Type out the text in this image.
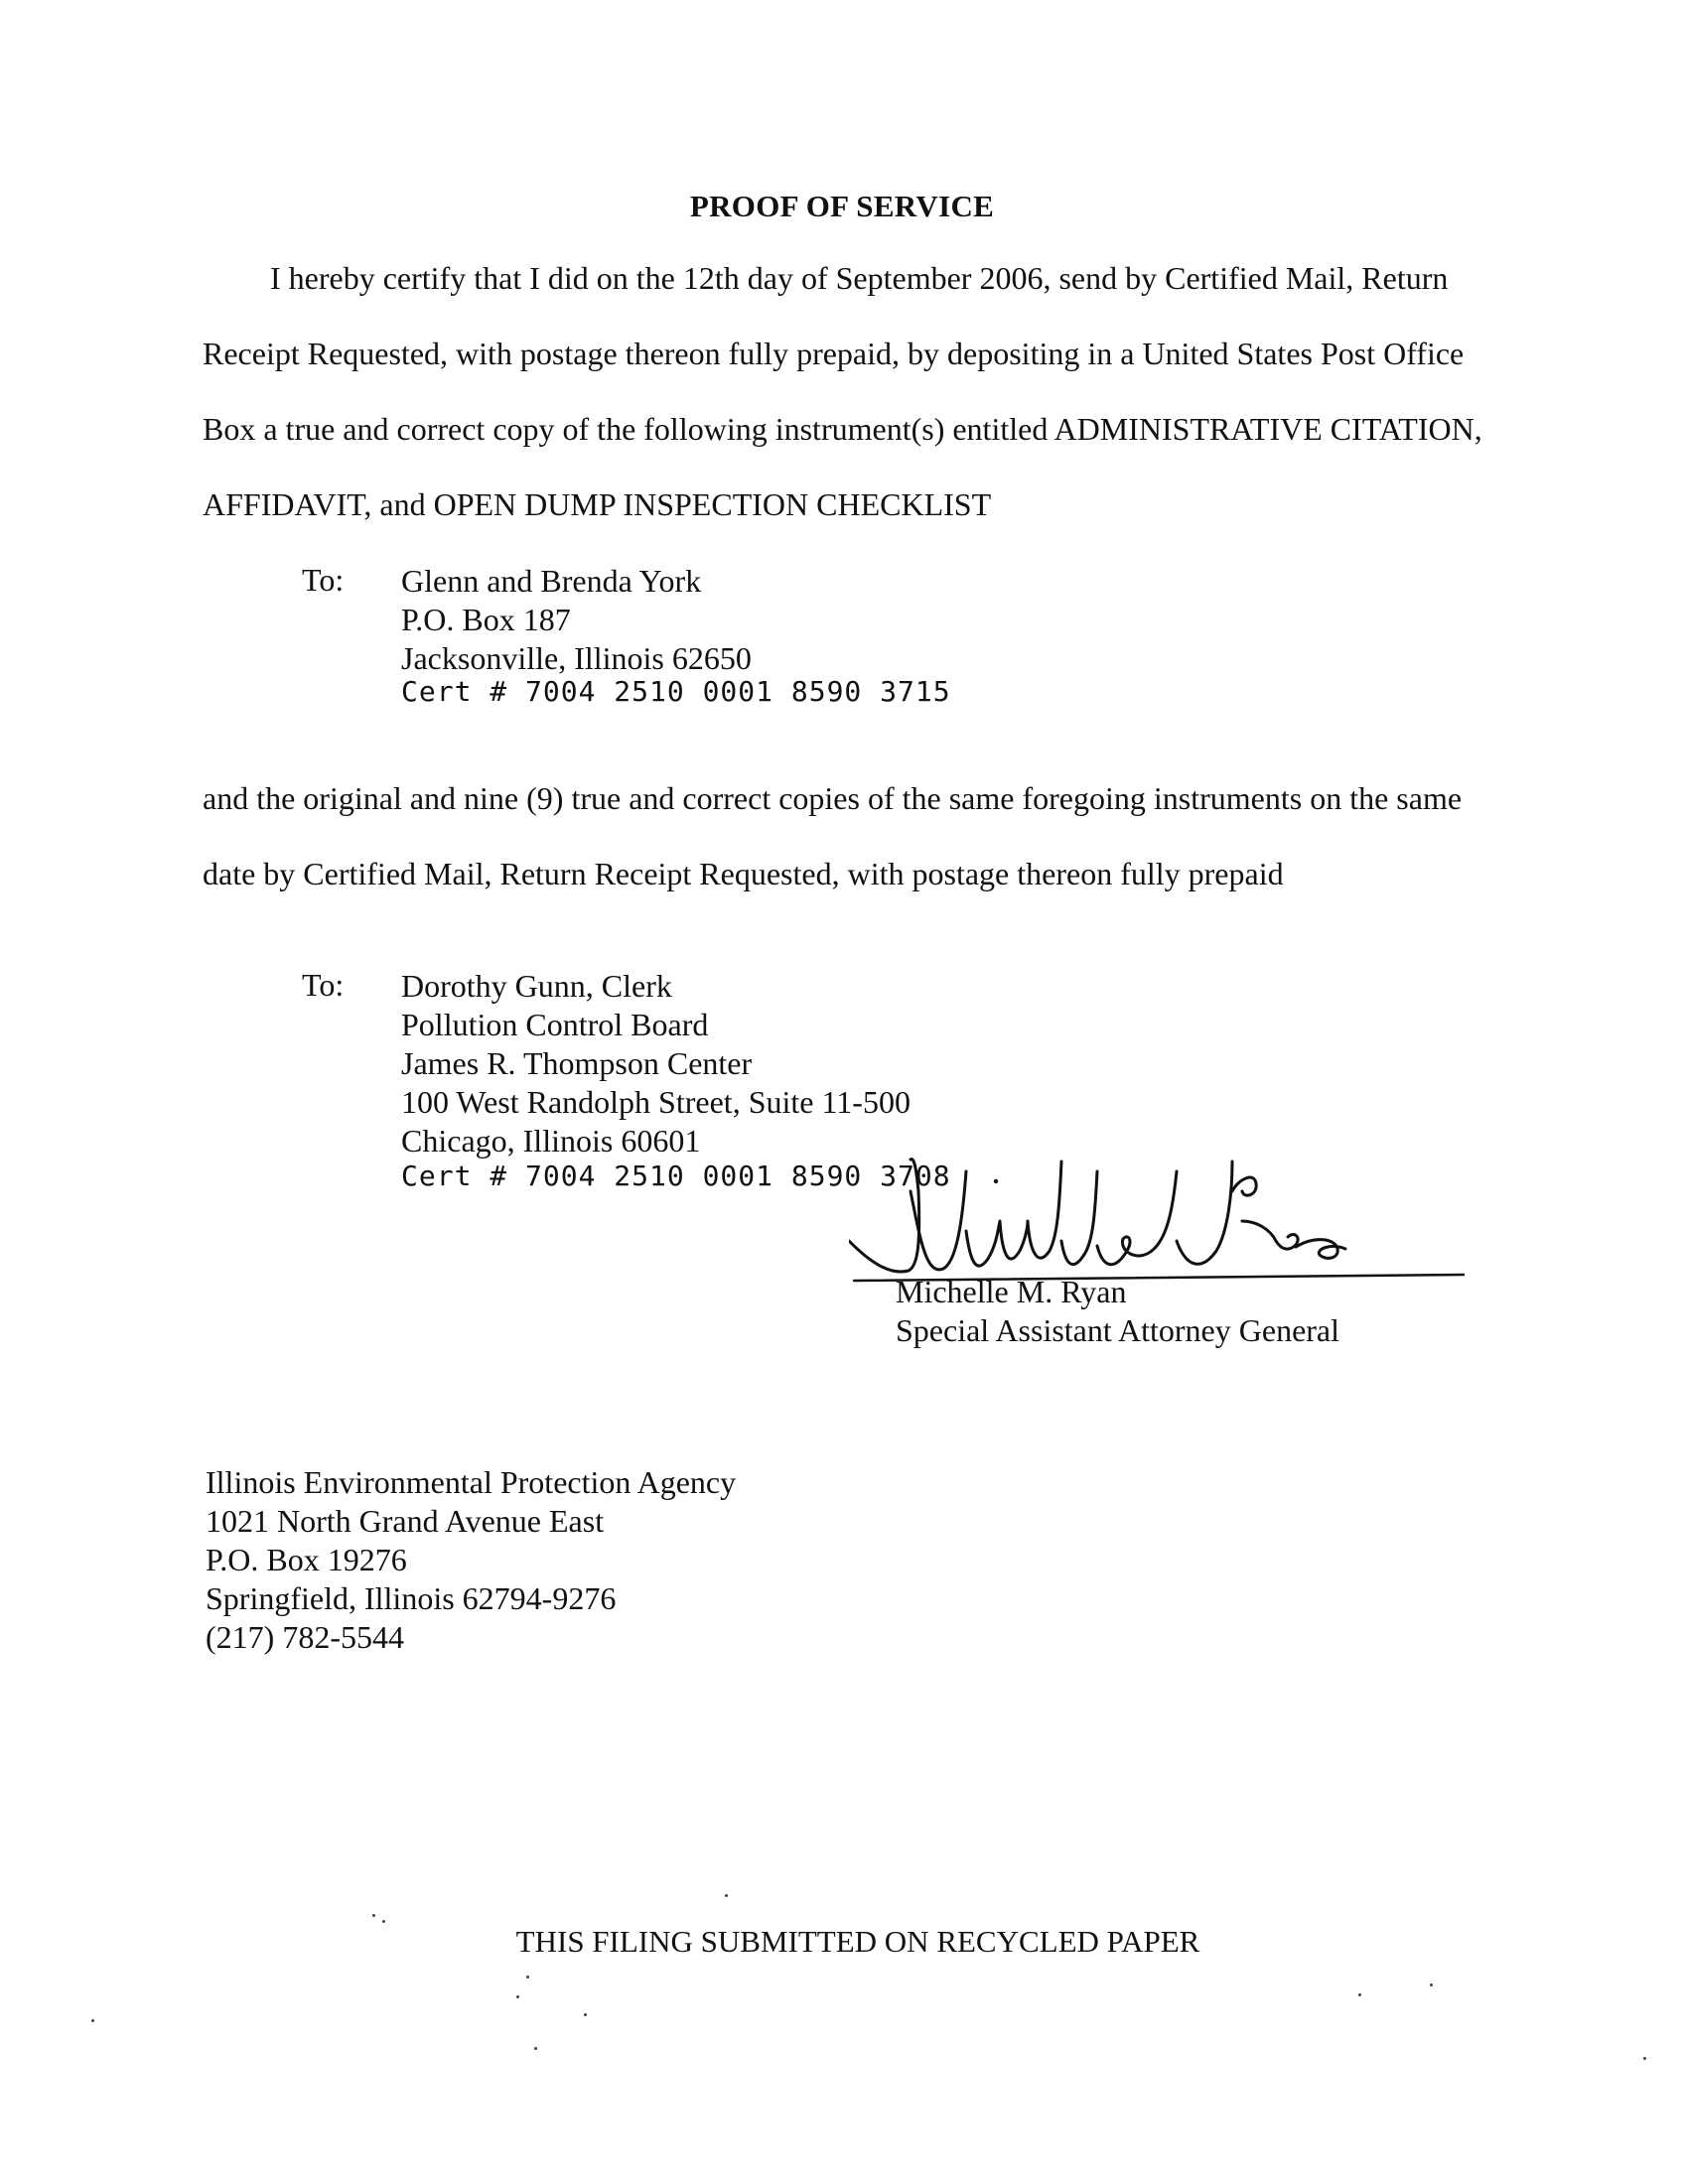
PROOF OF SERVICE
I hereby certify that I did on the 12th day of September 2006, send by Certified Mail, Return
Receipt Requested, with postage thereon fully prepaid, by depositing in a United States Post Office
Box a true and correct copy of the following instrument(s) entitled ADMINISTRATIVE CITATION,
AFFIDAVIT, and OPEN DUMP INSPECTION CHECKLIST
To: Glenn and Brenda York
P.O. Box 187
Jacksonville, Illinois 62650
Cert # 7004 2510 0001 8590 3715
and the original and nine (9) true and correct copies of the same foregoing instruments on the same
date by Certified Mail, Return Receipt Requested, with postage thereon fully prepaid
To: Dorothy Gunn, Clerk
Pollution Control Board
James R. Thompson Center
100 West Randolph Street, Suite 11-500
Chicago, Illinois 60601
Cert # 7004 2510 0001 8590 3708
Michelle M. Ryan
Special Assistant Attorney General
Illinois Environmental Protection Agency
1021 North Grand Avenue East
P.O. Box 19276
Springfield, Illinois 62794-9276
(217) 782-5544
THIS FILING SUBMITTED ON RECYCLED PAPER
